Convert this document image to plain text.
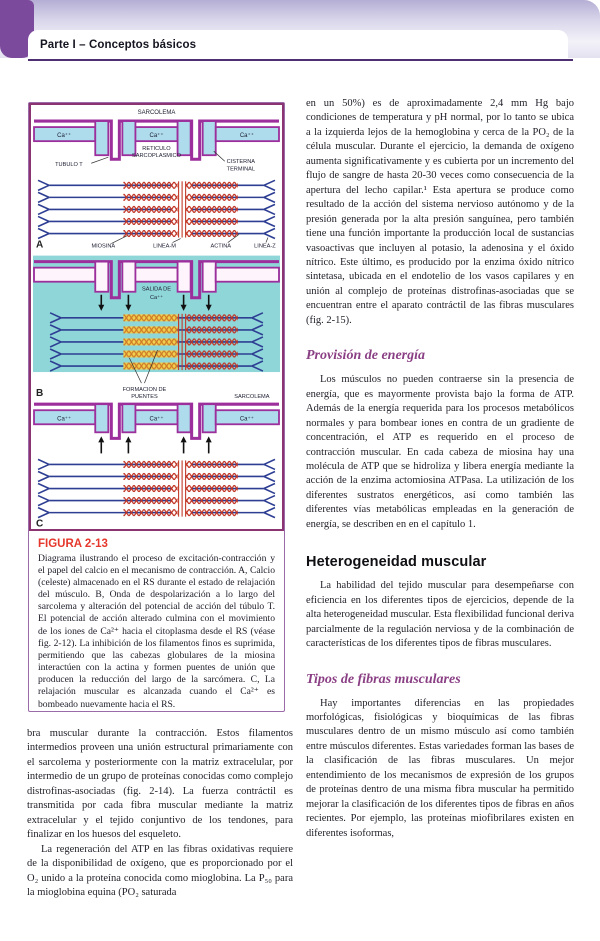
Parte I – Conceptos básicos
SARCOLEMA
Ca⁺⁺	Ca⁺⁺	Ca⁺⁺
RETICULO
SARCOPLASMICO
TUBULO T
CISTERNA
TERMINAL
A	MIOSINA	LINEA-M	ACTINA	LINEA-Z
SALIDA DE
Ca⁺⁺
FORMACION DE
PUENTES
B	SARCOLEMA
Ca⁺⁺	Ca⁺⁺	Ca⁺⁺
C
FIGURA 2-13

Diagrama ilustrando el proceso de excitación-contracción y el papel del calcio en el mecanismo de contracción. A, Calcio (celeste) almacenado en el RS durante el estado de relajación del músculo. B, Onda de despolarización a lo largo del sarcolema y alteración del potencial de acción del túbulo T. El potencial de acción alterado culmina con el movimiento de los iones de Ca²⁺ hacia el citoplasma desde el RS (véase fig. 2-12). La inhibición de los filamentos finos es suprimida, permitiendo que las cabezas globulares de la miosina interactúen con la actina y formen puentes de unión que producen la reducción del largo de la sarcómera. C, La relajación muscular es alcanzada cuando el Ca²⁺ es bombeado nuevamente hacia el RS.

bra muscular durante la contracción. Estos filamentos intermedios proveen una unión estructural primariamente con el sarcolema y posteriormente con la matriz extracelular, por intermedio de un grupo de proteínas conocidas como complejo distrofinas-asociadas (fig. 2-14). La fuerza contráctil es transmitida por cada fibra muscular mediante la matriz extracelular y el tejido conjuntivo de los tendones, para finalizar en los huesos del esqueleto.

La regeneración del ATP en las fibras oxidativas requiere de la disponibilidad de oxígeno, que es proporcionado por el O₂ unido a la proteína conocida como mioglobina. La P₅₀ para la mioglobina equina (PO₂ saturada

en un 50%) es de aproximadamente 2,4 mm Hg bajo condiciones de temperatura y pH normal, por lo tanto se ubica a la izquierda lejos de la hemoglobina y cerca de la PO₂ de la célula muscular. Durante el ejercicio, la demanda de oxígeno aumenta significativamente y es cubierta por un incremento del flujo de sangre de hasta 20-30 veces como consecuencia de la apertura del lecho capilar.¹ Esta apertura se produce como resultado de la acción del sistema nervioso autónomo y de la presión generada por la alta presión sanguínea, pero también tiene una función importante la producción local de sustancias vasoactivas que incluyen al potasio, la adenosina y el óxido nítrico. Este último, es producido por la enzima óxido nítrico sintetasa, ubicada en el endotelio de los vasos capilares y en unión al complejo de proteínas distrofinas-asociadas que se encuentran entre el aparato contráctil de las fibras musculares (fig. 2-15).

Provisión de energía

Los músculos no pueden contraerse sin la presencia de energía, que es mayormente provista bajo la forma de ATP. Además de la energía requerida para los procesos metabólicos normales y para bombear iones en contra de un gradiente de concentración, el ATP es requerido en el proceso de contracción muscular. En cada cabeza de miosina hay una molécula de ATP que se hidroliza y libera energía mediante la acción de la enzima actomiosina ATPasa. La utilización de los diferentes sustratos energéticos, así como también las diferentes vías metabólicas empleadas en la generación de energía, se describen en en el capítulo 1.

Heterogeneidad muscular

La habilidad del tejido muscular para desempeñarse con eficiencia en los diferentes tipos de ejercicios, depende de la alta heterogeneidad muscular. Esta flexibilidad funcional deriva parcialmente de la regulación nerviosa y de la combinación de características de los diferentes tipos de fibras musculares.

Tipos de fibras musculares

Hay importantes diferencias en las propiedades morfológicas, fisiológicas y bioquímicas de las fibras musculares dentro de un mismo músculo así como también entre músculos diferentes. Estas variedades forman las bases de la clasificación de las fibras musculares. Un mejor entendimiento de los mecanismos de expresión de los grupos de proteínas dentro de una misma fibra muscular ha permitido mejorar la clasificación de los diferentes tipos de fibras en años recientes. Por ejemplo, las proteínas miofibrilares existen en diferentes isoformas,
